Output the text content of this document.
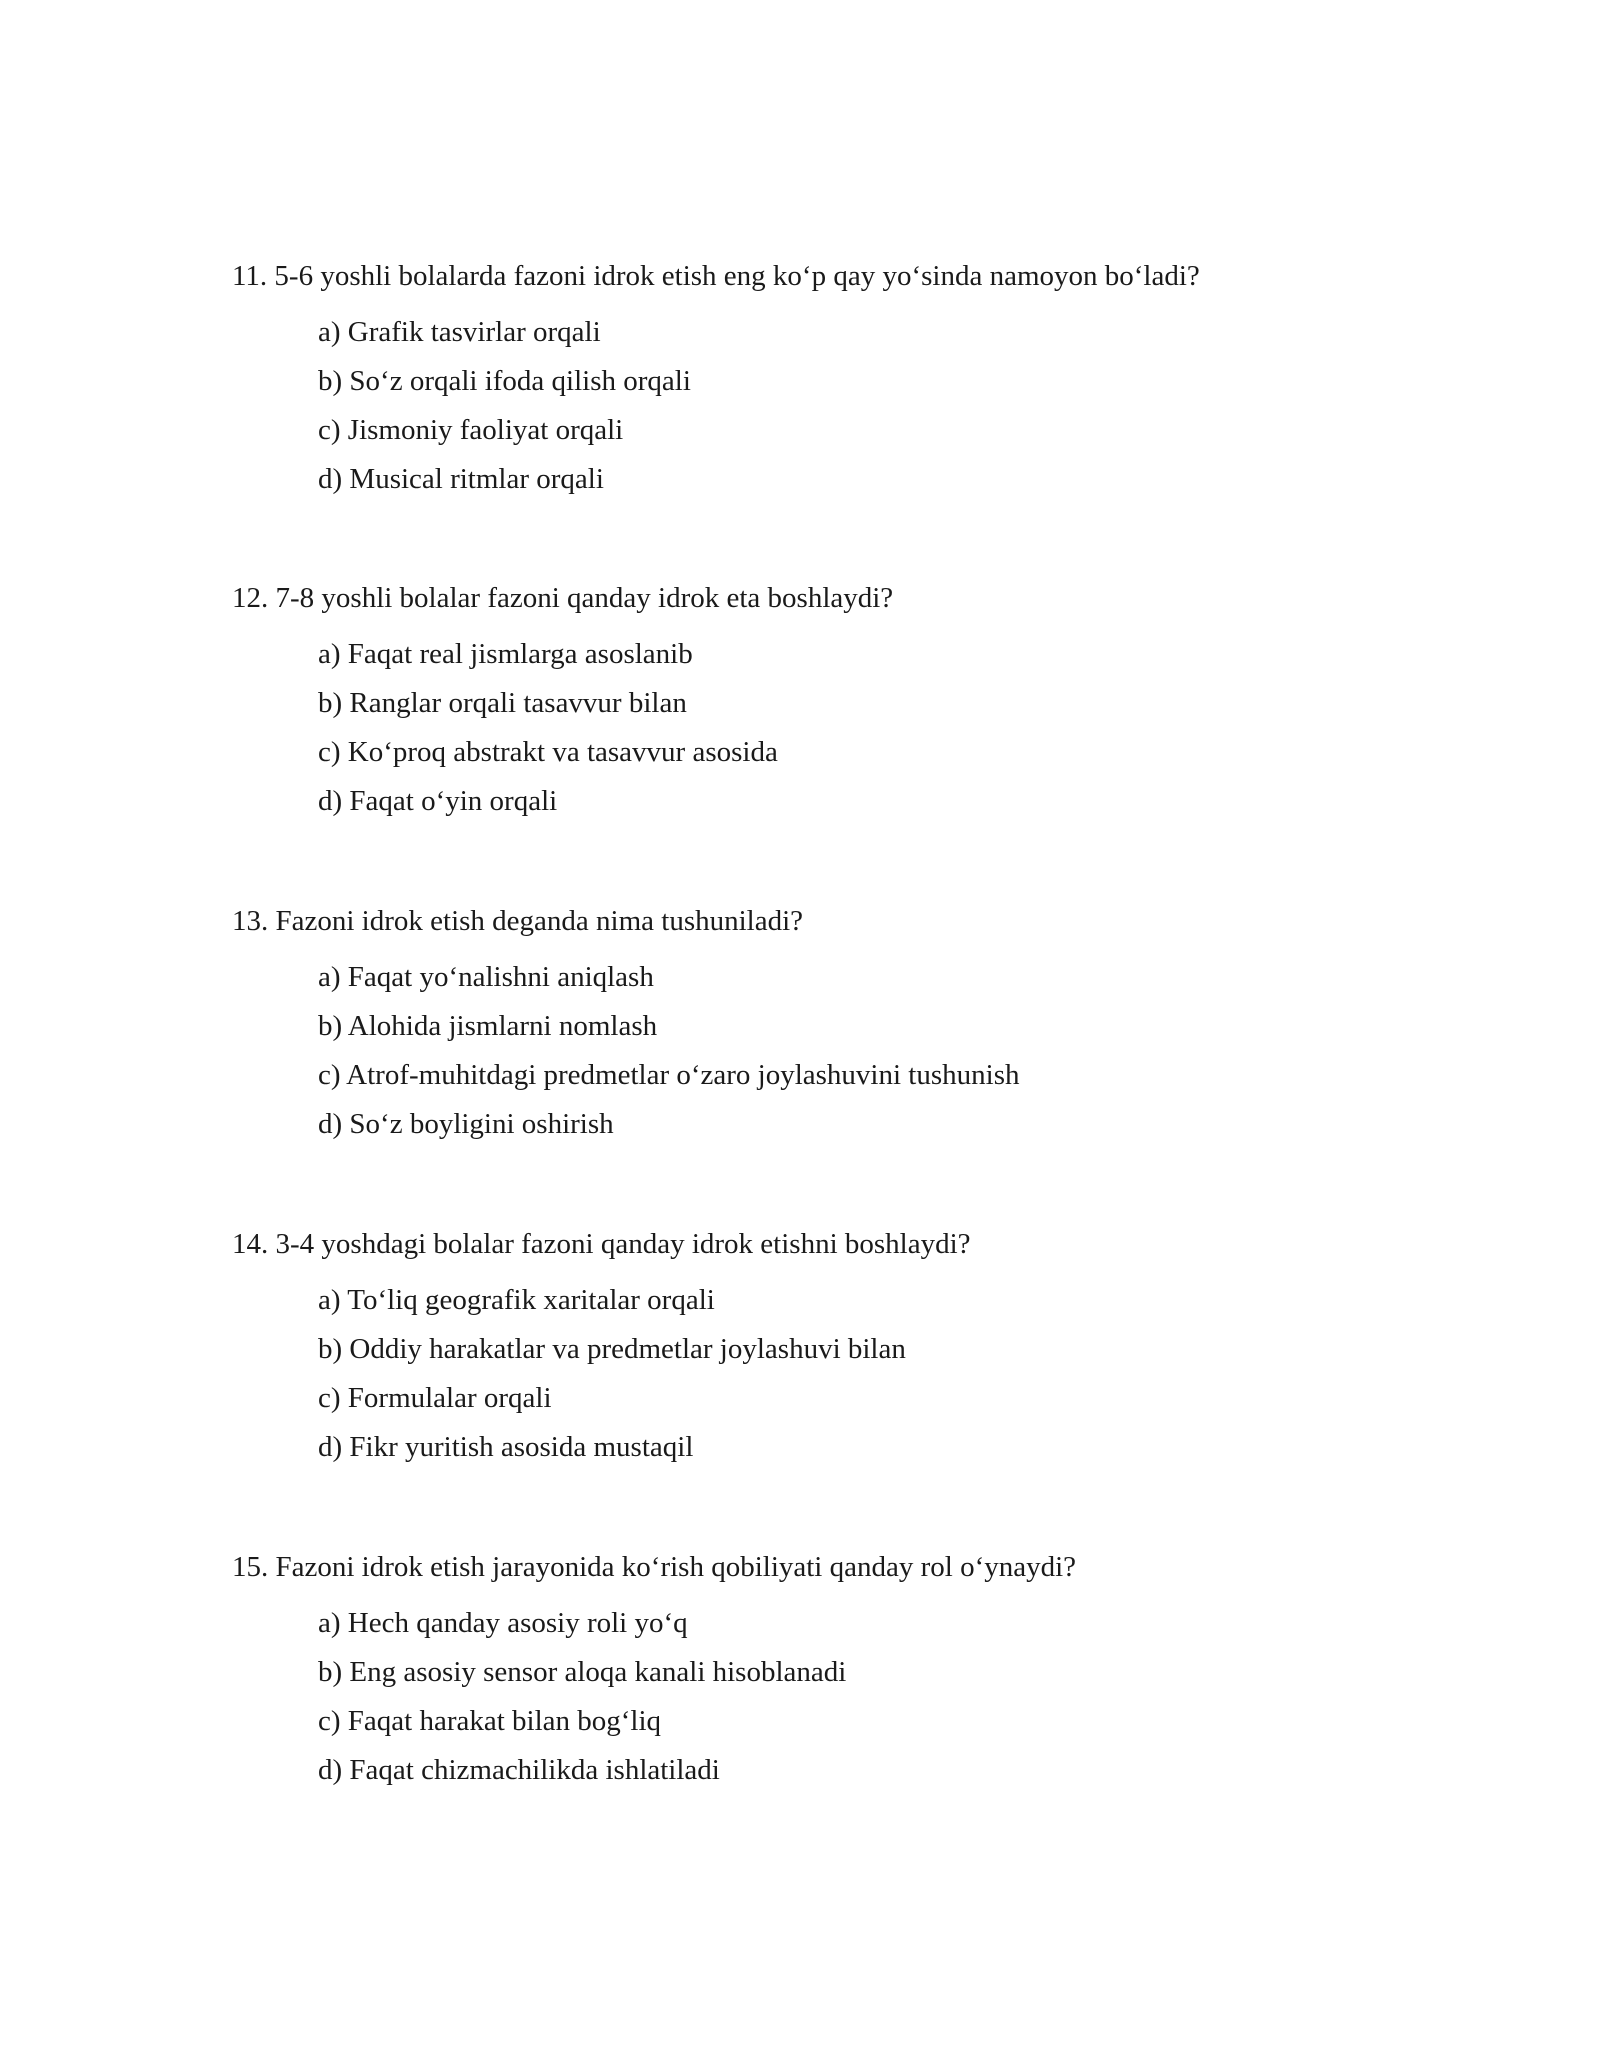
11. 5-6 yoshli bolalarda fazoni idrok etish eng ko‘p qay yo‘sinda namoyon bo‘ladi?

a) Grafik tasvirlar orqali
b) So‘z orqali ifoda qilish orqali
c) Jismoniy faoliyat orqali
d) Musical ritmlar orqali

12. 7-8 yoshli bolalar fazoni qanday idrok eta boshlaydi?

a) Faqat real jismlarga asoslanib
b) Ranglar orqali tasavvur bilan
c) Ko‘proq abstrakt va tasavvur asosida
d) Faqat o‘yin orqali

13. Fazoni idrok etish deganda nima tushuniladi?

a) Faqat yo‘nalishni aniqlash
b) Alohida jismlarni nomlash
c) Atrof-muhitdagi predmetlar o‘zaro joylashuvini tushunish
d) So‘z boyligini oshirish

14. 3-4 yoshdagi bolalar fazoni qanday idrok etishni boshlaydi?

a) To‘liq geografik xaritalar orqali
b) Oddiy harakatlar va predmetlar joylashuvi bilan
c) Formulalar orqali
d) Fikr yuritish asosida mustaqil

15. Fazoni idrok etish jarayonida ko‘rish qobiliyati qanday rol o‘ynaydi?

a) Hech qanday asosiy roli yo‘q
b) Eng asosiy sensor aloqa kanali hisoblanadi
c) Faqat harakat bilan bog‘liq
d) Faqat chizmachilikda ishlatiladi
